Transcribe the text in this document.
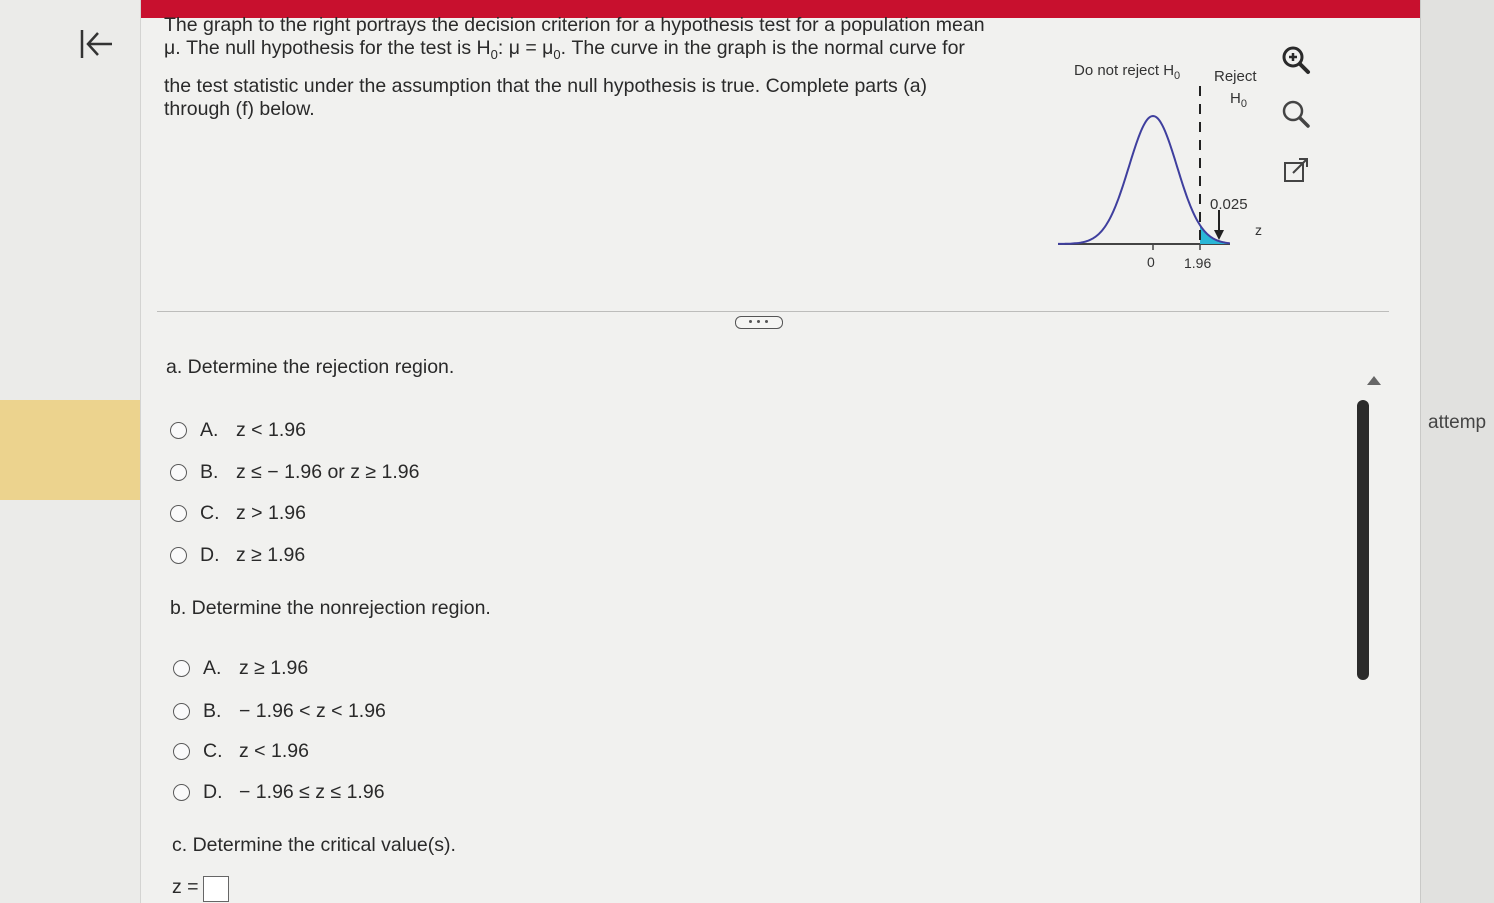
The graph to the right portrays the decision criterion for a hypothesis test for a population mean
μ. The null hypothesis for the test is $H_0$: $\mu = \mu_0$. The curve in the graph is the normal curve for
the test statistic under the assumption that the null hypothesis is true. Complete parts (a)
through (f) below.
Do not reject $H_0$ Reject
$H_0$
0.025
z
0 1.96
attemp
a. Determine the rejection region.
A. z < 1.96
B. z ≤ − 1.96 or z ≥ 1.96
C. z > 1.96
D. z ≥ 1.96
b. Determine the nonrejection region.
A. z ≥ 1.96
B. − 1.96 < z < 1.96
C. z < 1.96
D. − 1.96 ≤ z ≤ 1.96
c. Determine the critical value(s).
z =
